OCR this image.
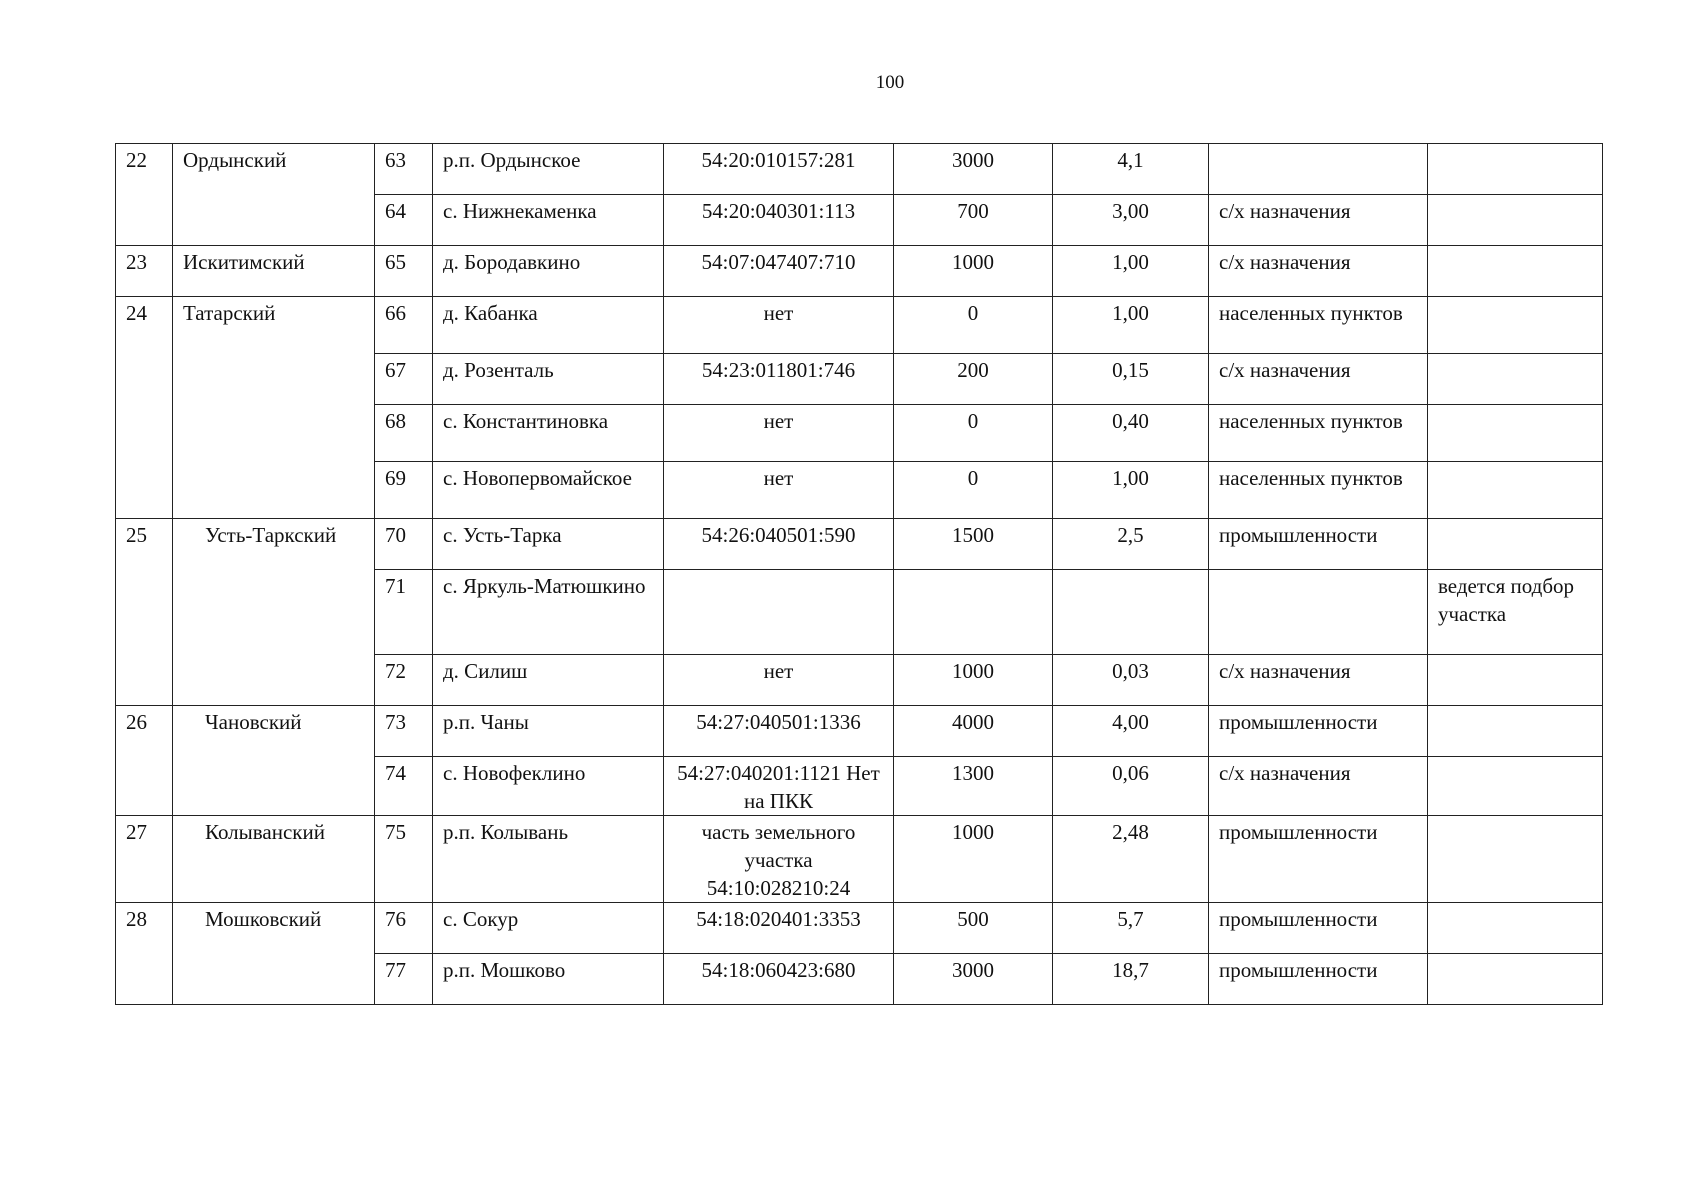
100
22	Ордынский	63	р.п. Ордынское	54:20:010157:281	3000	4,1		
		64	с. Нижнекаменка	54:20:040301:113	700	3,00	с/х назначения	
23	Искитимский	65	д. Бородавкино	54:07:047407:710	1000	1,00	с/х назначения	
24	Татарский	66	д. Кабанка	нет	0	1,00	населенных пунктов	
		67	д. Розенталь	54:23:011801:746	200	0,15	с/х назначения	
		68	с. Константиновка	нет	0	0,40	населенных пунктов	
		69	с. Новопервомайское	нет	0	1,00	населенных пунктов	
25	Усть-Таркский	70	с. Усть-Тарка	54:26:040501:590	1500	2,5	промышленности	
		71	с. Яркуль-Матюшкино					ведется подбор участка
		72	д. Силиш	нет	1000	0,03	с/х назначения	
26	Чановский	73	р.п. Чаны	54:27:040501:1336	4000	4,00	промышленности	
		74	с. Новофеклино	54:27:040201:1121 Нет на ПКК	1300	0,06	с/х назначения	
27	Колыванский	75	р.п. Колывань	часть земельного участка 54:10:028210:24	1000	2,48	промышленности	
28	Мошковский	76	с. Сокур	54:18:020401:3353	500	5,7	промышленности	
		77	р.п. Мошково	54:18:060423:680	3000	18,7	промышленности	
